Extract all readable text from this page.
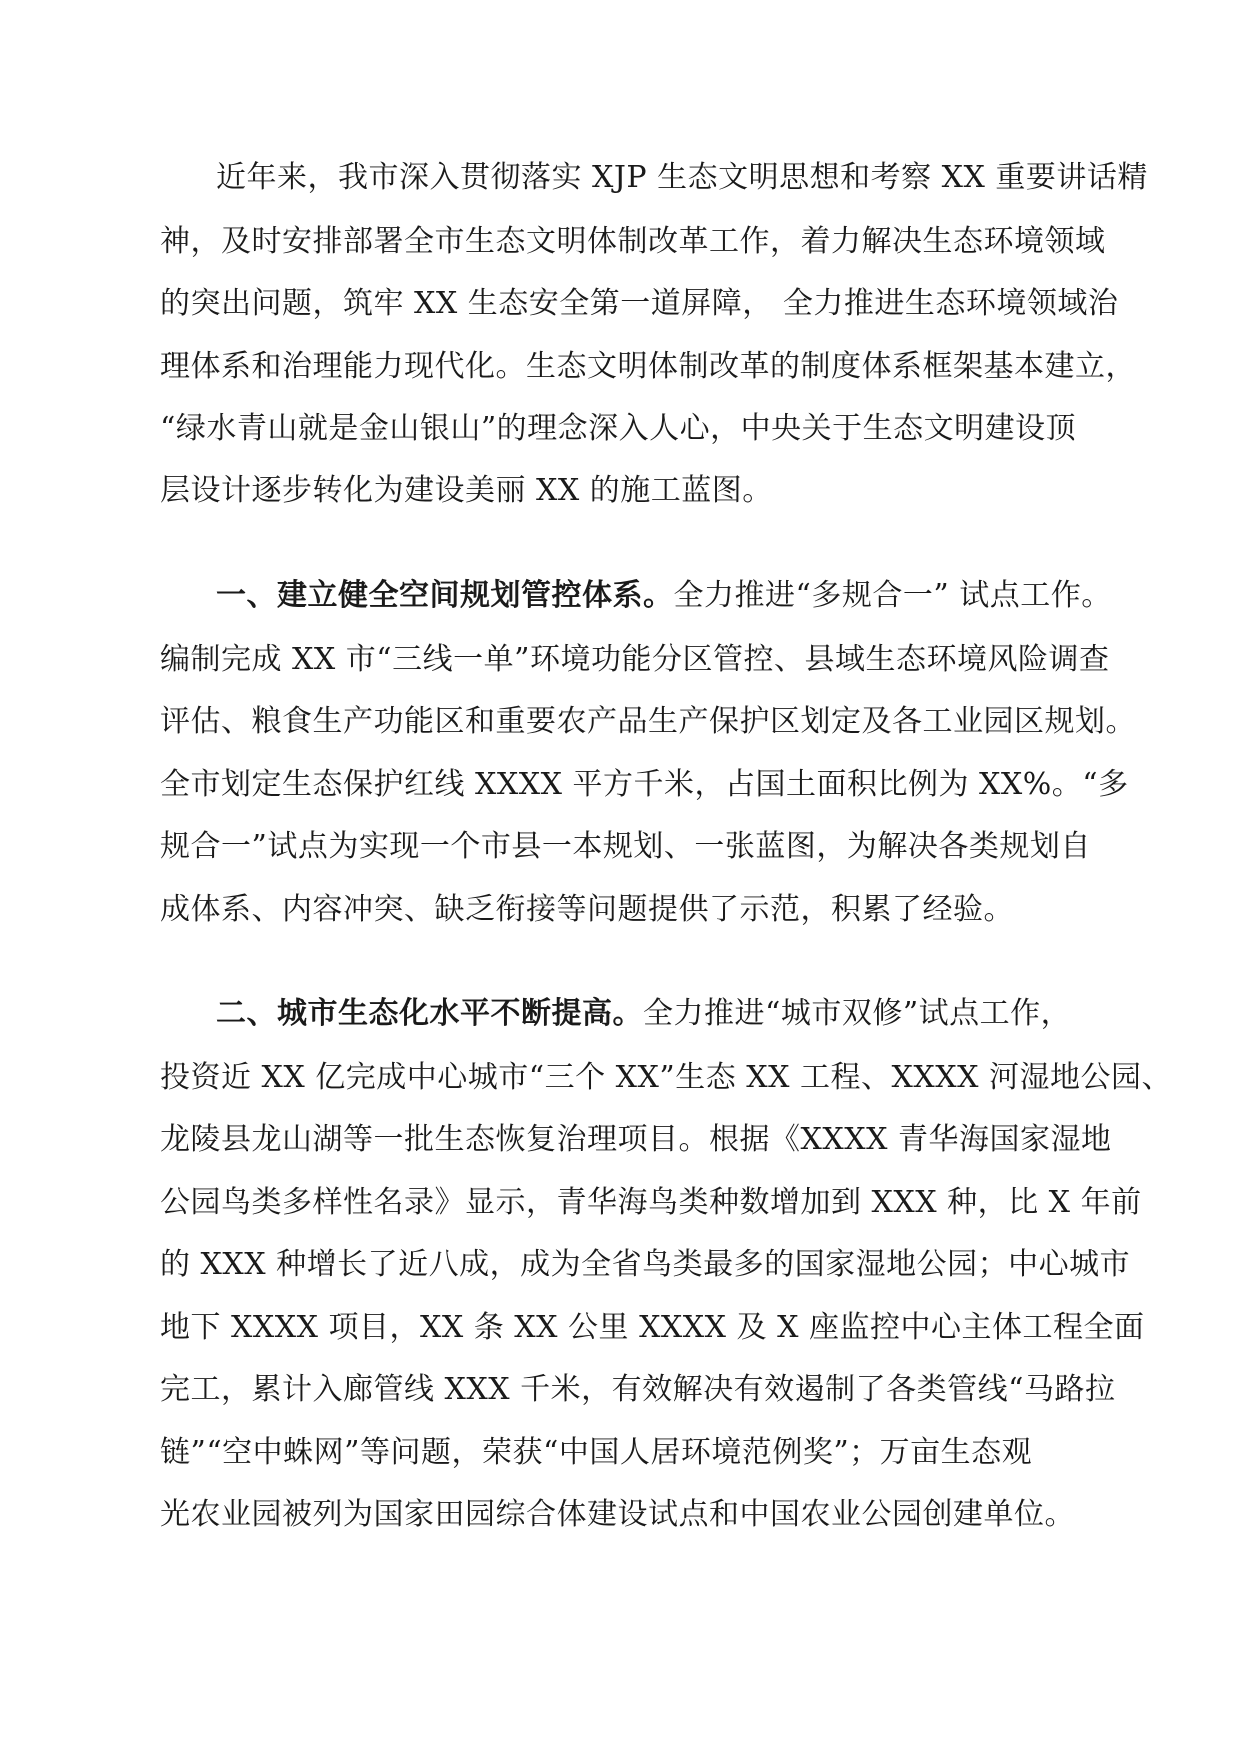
近年来，我市深入贯彻落实 XJP 生态文明思想和考察 XX 重要讲话精
神，及时安排部署全市生态文明体制改革工作，着力解决生态环境领域
的突出问题，筑牢 XX 生态安全第一道屏障， 全力推进生态环境领域治
理体系和治理能力现代化。生态文明体制改革的制度体系框架基本建立，
“绿水青山就是金山银山”的理念深入人心，中央关于生态文明建设顶
层设计逐步转化为建设美丽 XX 的施工蓝图。
一、建立健全空间规划管控体系。全力推进“多规合一” 试点工作。
编制完成 XX 市“三线一单”环境功能分区管控、县域生态环境风险调查
评估、粮食生产功能区和重要农产品生产保护区划定及各工业园区规划。
全市划定生态保护红线 XXXX 平方千米，占国土面积比例为 XX%。“多
规合一”试点为实现一个市县一本规划、一张蓝图，为解决各类规划自
成体系、内容冲突、缺乏衔接等问题提供了示范，积累了经验。
二、城市生态化水平不断提高。全力推进“城市双修”试点工作，
投资近 XX 亿完成中心城市“三个 XX”生态 XX 工程、XXXX 河湿地公园、
龙陵县龙山湖等一批生态恢复治理项目。根据《XXXX 青华海国家湿地
公园鸟类多样性名录》显示，青华海鸟类种数增加到 XXX 种，比 X 年前
的 XXX 种增长了近八成，成为全省鸟类最多的国家湿地公园；中心城市
地下 XXXX 项目，XX 条 XX 公里 XXXX 及 X 座监控中心主体工程全面
完工，累计入廊管线 XXX 千米，有效解决有效遏制了各类管线“马路拉
链”“空中蛛网”等问题，荣获“中国人居环境范例奖”；万亩生态观
光农业园被列为国家田园综合体建设试点和中国农业公园创建单位。
